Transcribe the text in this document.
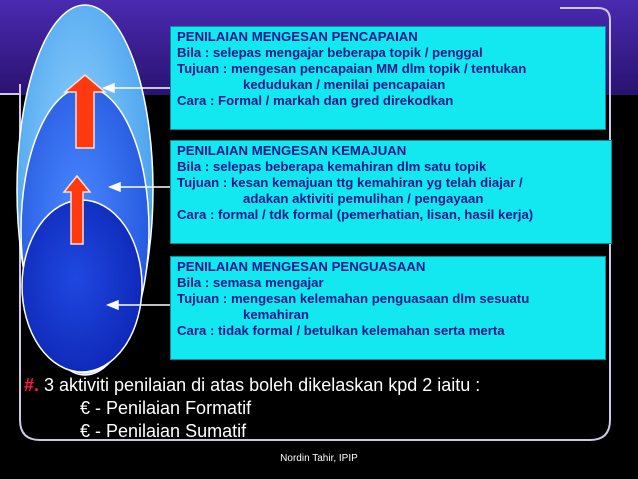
PENILAIAN MENGESAN PENCAPAIAN
Bila : selepas mengajar beberapa topik / penggal
Tujuan : mengesan pencapaian MM dlm topik / tentukan
kedudukan / menilai pencapaian
Cara : Formal / markah dan gred direkodkan
PENILAIAN MENGESAN KEMAJUAN
Bila : selepas beberapa kemahiran dlm satu topik
Tujuan : kesan kemajuan ttg kemahiran yg telah diajar /
adakan aktiviti pemulihan / pengayaan
Cara : formal / tdk formal (pemerhatian, lisan, hasil kerja)
PENILAIAN MENGESAN PENGUASAAN
Bila : semasa mengajar
Tujuan : mengesan kelemahan penguasaan dlm sesuatu
kemahiran
Cara : tidak formal / betulkan kelemahan serta merta
#. 3 aktiviti penilaian di atas boleh dikelaskan kpd 2 iaitu :
€ - Penilaian Formatif
€ - Penilaian Sumatif
Nordin Tahir, IPIP
